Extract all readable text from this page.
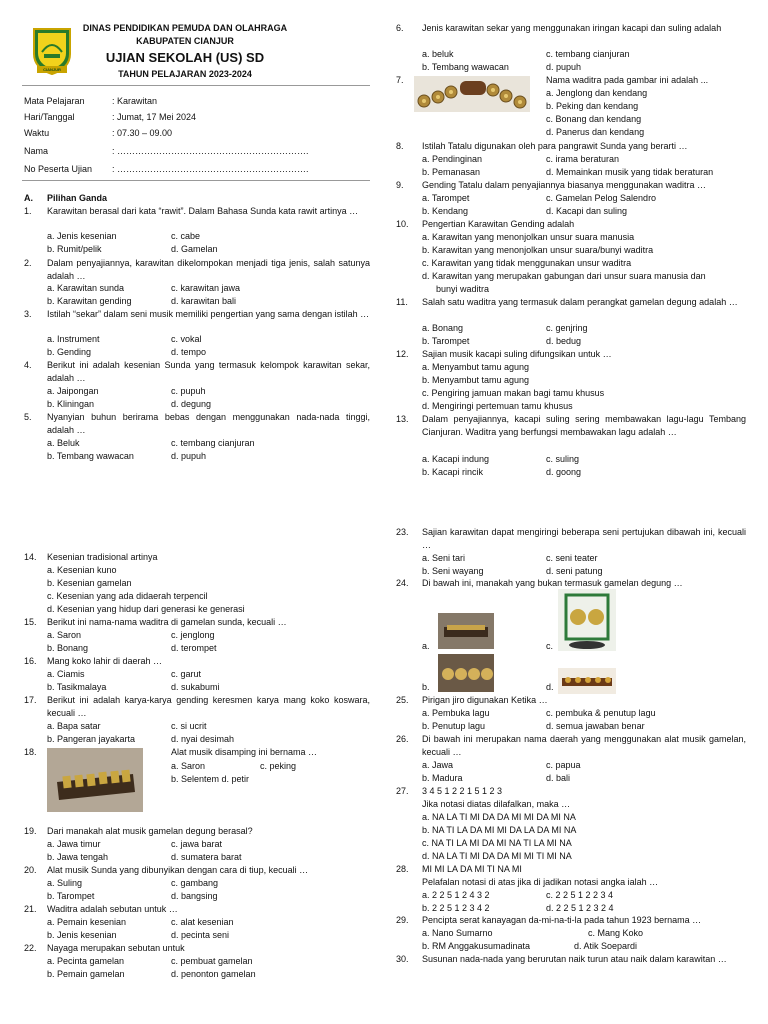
CIANJUR
DINAS PENDIDIKAN PEMUDA DAN OLAHRAGA
KABUPATEN CIANJUR
UJIAN SEKOLAH (US) SD
TAHUN PELAJARAN 2023-2024
Mata Pelajaran	: Karawitan
Hari/Tanggal	: Jumat, 17 Mei 2024
Waktu	: 07.30 – 09.00
Nama	: ……………………………………………………….
No Peserta Ujian : ……………………………………………………….
A. Pilihan Ganda
1. Karawitan berasal dari kata “rawit”. Dalam Bahasa Sunda kata rawit artinya …
a. Jenis kesenian	c. cabe
b. Rumit/pelik	d. Gamelan
2. Dalam penyajiannya, karawitan dikelompokan menjadi tiga jenis, salah satunya adalah …
a. Karawitan sunda	c. karawitan jawa
b. Karawitan gending	d. karawitan bali
3. Istilah “sekar” dalam seni musik memiliki pengertian yang sama dengan istilah …
a. Instrument	c. vokal
b. Gending	d. tempo
4. Berikut ini adalah kesenian Sunda yang termasuk kelompok karawitan sekar, adalah …
a. Jaipongan	c. pupuh
b. Kliningan	d. degung
5. Nyanyian buhun berirama bebas dengan menggunakan nada-nada tinggi, adalah …
a. Beluk	c. tembang cianjuran
b. Tembang wawacan	d. pupuh
6. Jenis karawitan sekar yang menggunakan iringan kacapi dan suling adalah
a. beluk	c. tembang cianjuran
b. Tembang wawacan	d. pupuh
7.	Nama waditra pada gambar ini adalah ...
a. Jenglong dan kendang
b. Peking dan kendang
c. Bonang dan kendang
d. Panerus dan kendang
8. Istilah Tatalu digunakan oleh para pangrawit Sunda yang berarti …
a. Pendinginan	c. irama beraturan
b. Pemanasan	d. Memainkan musik yang tidak beraturan
9. Gending Tatalu dalam penyajiannya biasanya menggunakan waditra …
a. Tarompet	c. Gamelan Pelog Salendro
b. Kendang	d. Kacapi dan suling
10. Pengertian Karawitan Gending adalah
a. Karawitan yang menonjolkan unsur suara manusia
b. Karawitan yang menonjolkan unsur suara/bunyi waditra
c. Karawitan yang tidak menggunakan unsur waditra
d. Karawitan yang merupakan gabungan dari unsur suara manusia dan
bunyi waditra
11. Salah satu waditra yang termasuk dalam perangkat gamelan degung adalah …
a. Bonang	c. genjring
b. Tarompet	d. bedug
12. Sajian musik kacapi suling difungsikan untuk …
a. Menyambut tamu agung
b. Menyambut tamu agung
c. Pengiring jamuan makan bagi tamu khusus
d. Mengiringi pertemuan tamu khusus
13. Dalam penyajiannya, kacapi suling sering membawakan lagu-lagu Tembang Cianjuran. Waditra yang berfungsi membawakan lagu adalah …
a. Kacapi indung	c. suling
b. Kacapi rincik	d. goong
14. Kesenian tradisional artinya
a. Kesenian kuno
b. Kesenian gamelan
c. Kesenian yang ada didaerah terpencil
d. Kesenian yang hidup dari generasi ke generasi
15. Berikut ini nama-nama waditra di gamelan sunda, kecuali …
a. Saron	c. jenglong
b. Bonang	d. terompet
16. Mang koko lahir di daerah …
a. Ciamis	c. garut
b. Tasikmalaya	d. sukabumi
17. Berikut ini adalah karya-karya gending keresmen karya mang koko koswara, kecuali …
a. Bapa satar	c. si ucrit
b. Pangeran jayakarta	d. nyai desimah
18.	Alat musik disamping ini bernama …
a. Saron	c. peking
b. Selentem d. petir
19. Dari manakah alat musik gamelan degung berasal?
a. Jawa timur	c. jawa barat
b. Jawa tengah	d. sumatera barat
20. Alat musik Sunda yang dibunyikan dengan cara di tiup, kecuali …
a. Suling	c. gambang
b. Tarompet	d. bangsing
21. Waditra adalah sebutan untuk …
a. Pemain kesenian	c. alat kesenian
b. Jenis kesenian	d. pecinta seni
22. Nayaga merupakan sebutan untuk
a. Pecinta gamelan	c. pembuat gamelan
b. Pemain gamelan	d. penonton gamelan
23. Sajian karawitan dapat mengiringi beberapa seni pertujukan dibawah ini, kecuali …
a. Seni tari	c. seni teater
b. Seni wayang	d. seni patung
24. Di bawah ini, manakah yang bukan termasuk gamelan degung …
a.
b.
c.
d.
25. Pirigan jiro digunakan Ketika …
a. Pembuka lagu	c. pembuka & penutup lagu
b. Penutup lagu	d. semua jawaban benar
26. Di bawah ini merupakan nama daerah yang menggunakan alat musik gamelan, kecuali …
a. Jawa	c. papua
b. Madura	d. bali
27. 3 4 5 1 2 2 1 5 1 2 3
Jika notasi diatas dilafalkan, maka …
a. NA LA TI MI DA DA MI MI DA MI NA
b. NA TI LA DA MI MI DA LA DA MI NA
c. NA TI LA MI DA MI NA TI LA MI NA
d. NA LA TI MI DA DA MI MI TI MI NA
28. MI MI LA DA MI TI NA MI
Pelafalan notasi di atas jika di jadikan notasi angka ialah …
a. 2 2 5 1 2 4 3 2	c. 2 2 5 1 2 2 3 4
b. 2 2 5 1 2 3 4 2	d. 2 2 5 1 2 3 2 4
29. Pencipta serat kanayagan da-mi-na-ti-la pada tahun 1923 bernama …
a. Nano Sumarno	c. Mang Koko
b. RM Anggakusumadinata	d. Atik Soepardi
30. Susunan nada-nada yang berurutan naik turun atau naik dalam karawitan …
